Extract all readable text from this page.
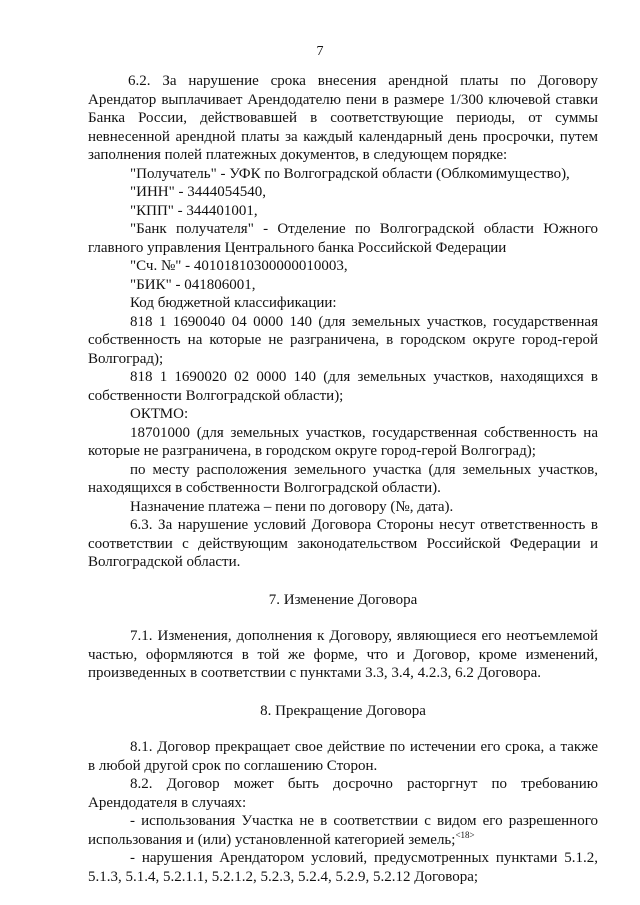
7

6.2. За нарушение срока внесения арендной платы по Договору Арендатор выплачивает Арендодателю пени в размере 1/300 ключевой ставки Банка России, действовавшей в соответствующие периоды, от суммы невнесенной арендной платы за каждый календарный день просрочки, путем заполнения полей платежных документов, в следующем порядке:

"Получатель" - УФК по Волгоградской области (Облкомимущество),

"ИНН" - 3444054540,

"КПП" - 344401001,

"Банк получателя" - Отделение по Волгоградской области Южного главного управления Центрального банка Российской Федерации

"Сч. №" - 40101810300000010003,

"БИК" - 041806001,

Код бюджетной классификации:

818 1 1690040 04 0000 140 (для земельных участков, государственная собственность на которые не разграничена, в городском округе город-герой Волгоград);

818 1 1690020 02 0000 140 (для земельных участков, находящихся в собственности Волгоградской области);

ОКТМО:

18701000 (для земельных участков, государственная собственность на которые не разграничена, в городском округе город-герой Волгоград);

по месту расположения земельного участка (для земельных участков, находящихся в собственности Волгоградской области).

Назначение платежа – пени по договору (№, дата).

6.3. За нарушение условий Договора Стороны несут ответственность в соответствии с действующим законодательством Российской Федерации и Волгоградской области.

7. Изменение Договора

7.1. Изменения, дополнения к Договору, являющиеся его неотъемлемой частью, оформляются в той же форме, что и Договор, кроме изменений, произведенных в соответствии с пунктами 3.3, 3.4, 4.2.3, 6.2 Договора.

8. Прекращение Договора

8.1. Договор прекращает свое действие по истечении его срока, а также в любой другой срок по соглашению Сторон.

8.2. Договор может быть досрочно расторгнут по требованию Арендодателя в случаях:

- использования Участка не в соответствии с видом его разрешенного использования и (или) установленной категорией земель;$^{<18>}$

- нарушения Арендатором условий, предусмотренных пунктами 5.1.2, 5.1.3, 5.1.4, 5.2.1.1, 5.2.1.2, 5.2.3, 5.2.4, 5.2.9, 5.2.12 Договора;
